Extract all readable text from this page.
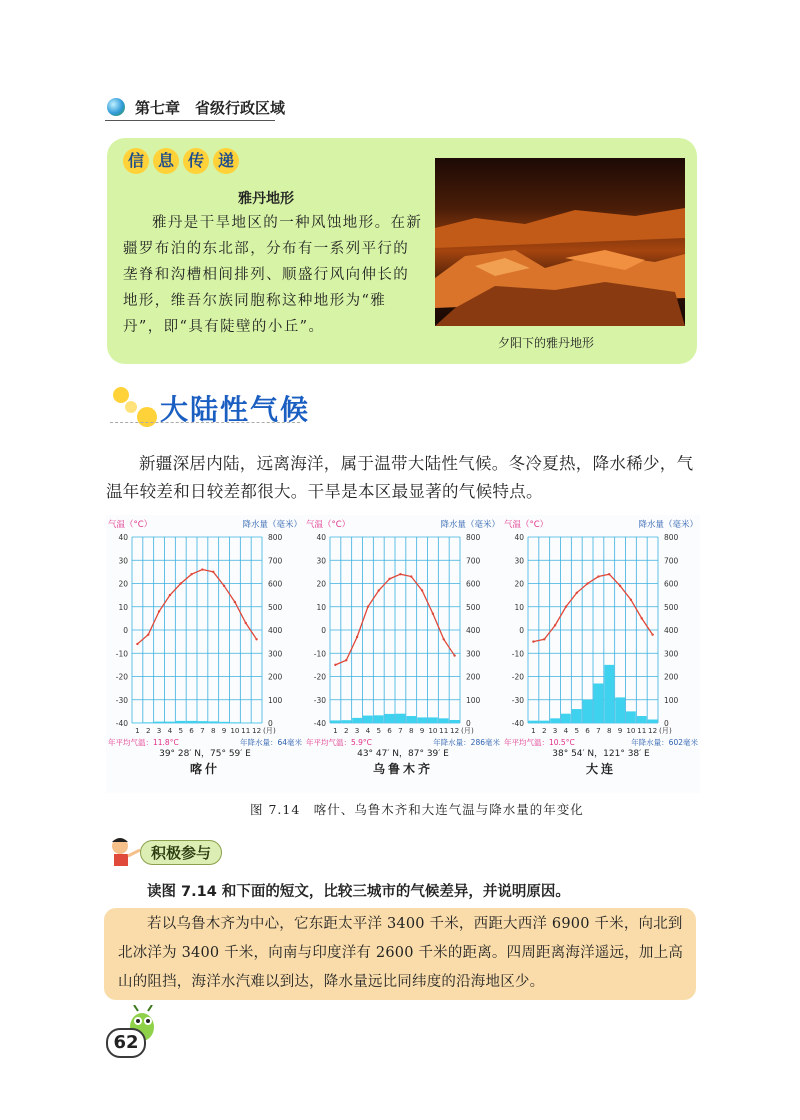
第七章　省级行政区域
信 息 传 递
雅丹地形

雅丹是干旱地区的一种风蚀地形。在新疆罗布泊的东北部，分布有一系列平行的垄脊和沟槽相间排列、顺盛行风向伸长的地形，维吾尔族同胞称这种地形为“雅丹”，即“具有陡壁的小丘”。

夕阳下的雅丹地形
大陆性气候

新疆深居内陆，远离海洋，属于温带大陆性气候。冬冷夏热，降水稀少，气温年较差和日较差都很大。干旱是本区最显著的气候特点。

气温（°C）	降水量（毫米）
40	800
30	700
20	600
10	500
0	400
-10	300
-20	200
-30	100
-40	0
1 2 3 4 5 6 7 8 9 10 11 12 (月)
年平均气温：11.8°C	年降水量：64毫米
39° 28′ N，75° 59′ E
喀什
气温（°C）	降水量（毫米）
40	800
30	700
20	600
10	500
0	400
-10	300
-20	200
-30	100
-40	0
1 2 3 4 5 6 7 8 9 10 11 12 (月)
年平均气温：5.9°C	年降水量：286毫米
43° 47′ N，87° 39′ E
乌鲁木齐
气温（°C）	降水量（毫米）
40	800
30	700
20	600
10	500
0	400
-10	300
-20	200
-30	100
-40	0
1 2 3 4 5 6 7 8 9 10 11 12 (月)
年平均气温：10.5°C	年降水量：602毫米
38° 54′ N，121° 38′ E
大连
图 7.14　喀什、乌鲁木齐和大连气温与降水量的年变化
积极参与
读图 7.14 和下面的短文，比较三城市的气候差异，并说明原因。

若以乌鲁木齐为中心，它东距太平洋 3400 千米，西距大西洋 6900 千米，向北到北冰洋为 3400 千米，向南与印度洋有 2600 千米的距离。四周距离海洋遥远，加上高山的阻挡，海洋水汽难以到达，降水量远比同纬度的沿海地区少。

62
